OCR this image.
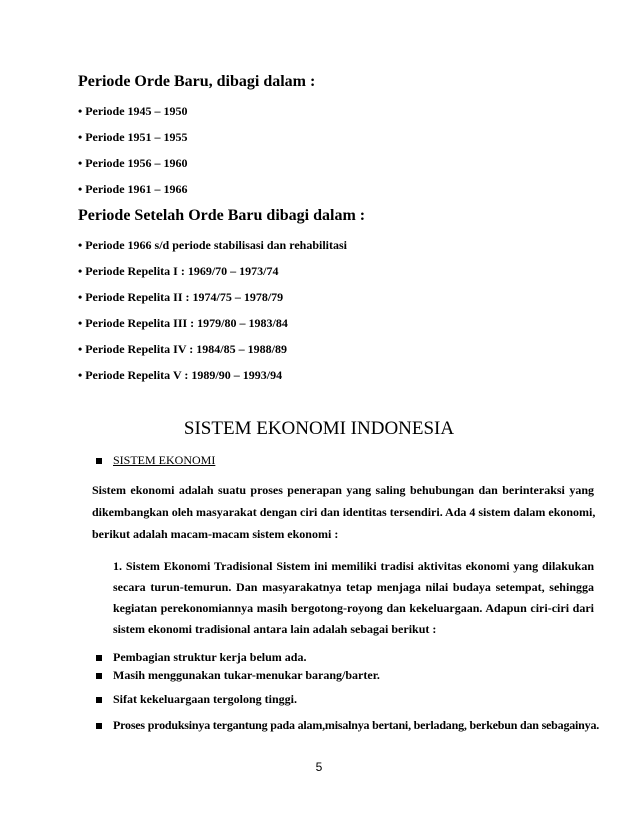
Periode Orde Baru, dibagi dalam :
• Periode 1945 – 1950
• Periode 1951 – 1955
• Periode 1956 – 1960
• Periode 1961 – 1966
Periode Setelah Orde Baru dibagi dalam :
• Periode 1966 s/d periode stabilisasi dan rehabilitasi
• Periode Repelita I : 1969/70 – 1973/74
• Periode Repelita II : 1974/75 – 1978/79
• Periode Repelita III : 1979/80 – 1983/84
• Periode Repelita IV : 1984/85 – 1988/89
• Periode Repelita V : 1989/90 – 1993/94
SISTEM EKONOMI INDONESIA
SISTEM EKONOMI
Sistem ekonomi adalah suatu proses penerapan yang saling behubungan dan berinteraksi yang
dikembangkan oleh masyarakat dengan ciri dan identitas tersendiri. Ada 4 sistem dalam ekonomi,
berikut adalah macam-macam sistem ekonomi :
1. Sistem Ekonomi Tradisional Sistem ini memiliki tradisi aktivitas ekonomi yang dilakukan
secara turun-temurun. Dan masyarakatnya tetap menjaga nilai budaya setempat, sehingga
kegiatan perekonomiannya masih bergotong-royong dan kekeluargaan. Adapun ciri-ciri dari
sistem ekonomi tradisional antara lain adalah sebagai berikut :
Pembagian struktur kerja belum ada.
Masih menggunakan tukar-menukar barang/barter.
Sifat kekeluargaan tergolong tinggi.
Proses produksinya tergantung pada alam,misalnya bertani, berladang, berkebun dan sebagainya.
5
